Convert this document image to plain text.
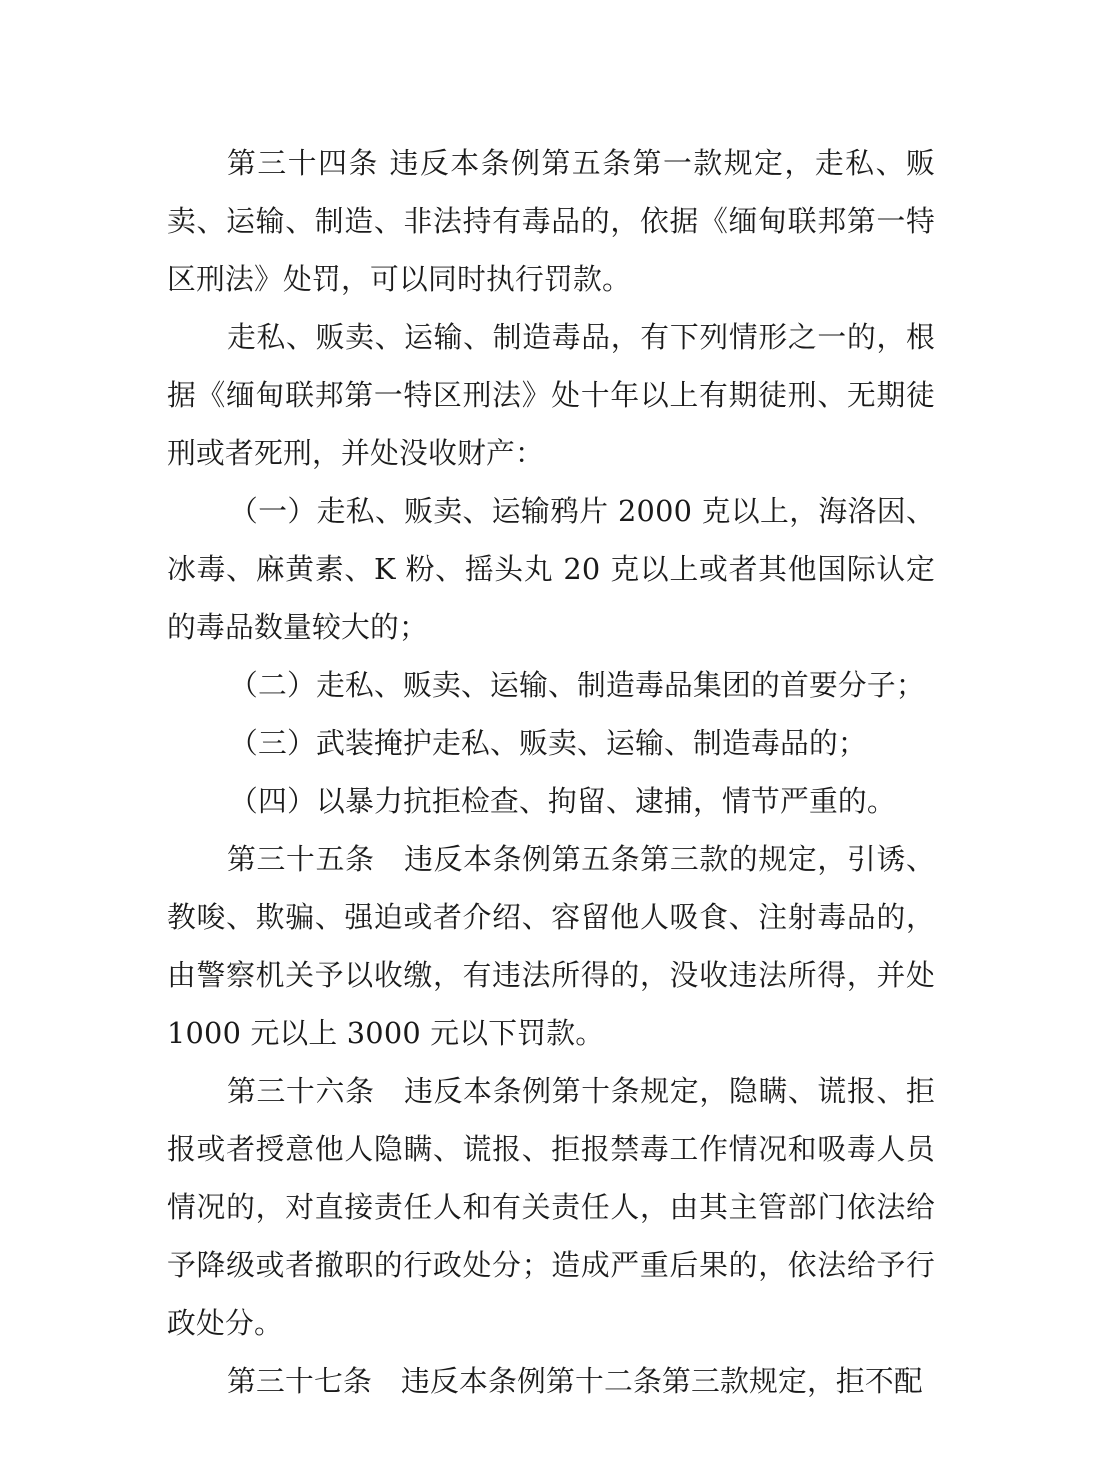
第三十四条 违反本条例第五条第一款规定，走私、贩卖、运输、制造、非法持有毒品的，依据《缅甸联邦第一特区刑法》处罚，可以同时执行罚款。

走私、贩卖、运输、制造毒品，有下列情形之一的，根据《缅甸联邦第一特区刑法》处十年以上有期徒刑、无期徒刑或者死刑，并处没收财产：

（一）走私、贩卖、运输鸦片 2000 克以上，海洛因、冰毒、麻黄素、K 粉、摇头丸 20 克以上或者其他国际认定的毒品数量较大的；

（二）走私、贩卖、运输、制造毒品集团的首要分子；

（三）武装掩护走私、贩卖、运输、制造毒品的；

（四）以暴力抗拒检查、拘留、逮捕，情节严重的。

第三十五条　违反本条例第五条第三款的规定，引诱、教唆、欺骗、强迫或者介绍、容留他人吸食、注射毒品的，由警察机关予以收缴，有违法所得的，没收违法所得，并处 1000 元以上 3000 元以下罚款。

第三十六条　违反本条例第十条规定，隐瞒、谎报、拒报或者授意他人隐瞒、谎报、拒报禁毒工作情况和吸毒人员情况的，对直接责任人和有关责任人，由其主管部门依法给予降级或者撤职的行政处分；造成严重后果的，依法给予行政处分。

第三十七条　违反本条例第十二条第三款规定，拒不配
